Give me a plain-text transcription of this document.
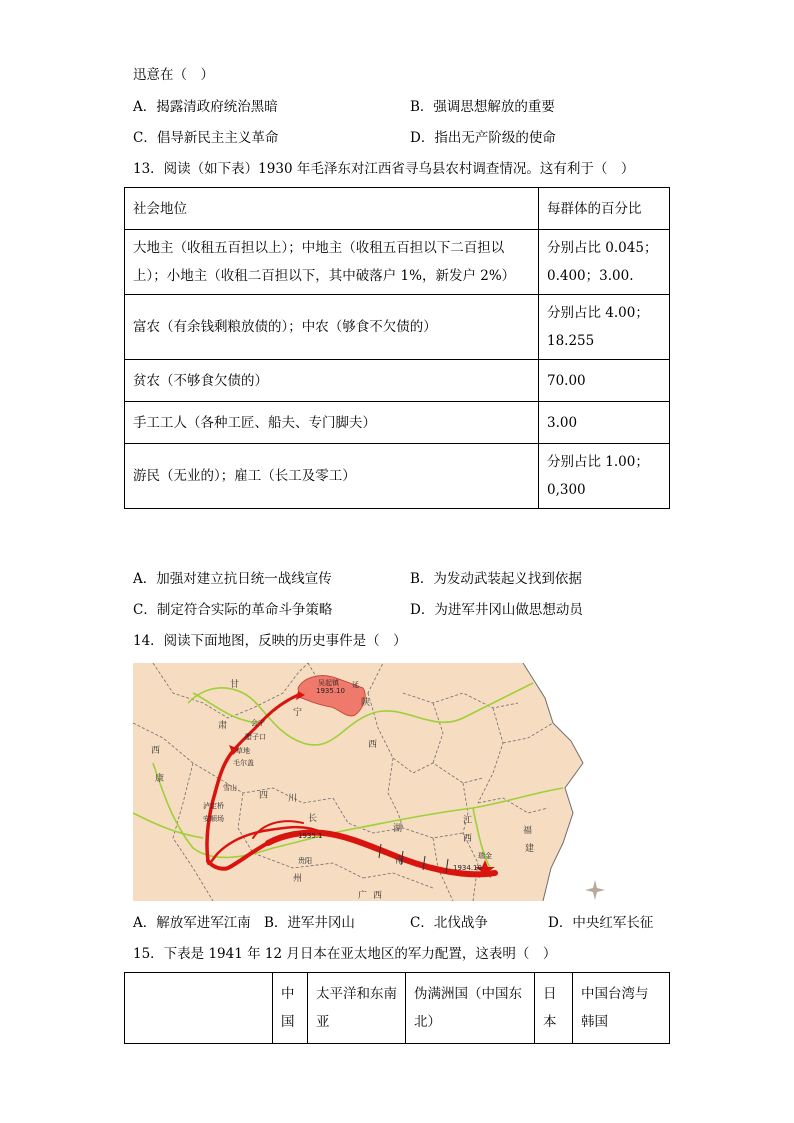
迅意在（　）
A．揭露清政府统治黑暗	B．强调思想解放的重要
C．倡导新民主主义革命	D．指出无产阶级的使命
13．阅读（如下表）1930 年毛泽东对江西省寻乌县农村调查情况。这有利于（　）
社会地位	每群体的百分比
大地主（收租五百担以上）；中地主（收租五百担以下二百担以上）；小地主（收租二百担以下，其中破落户 1%，新发户 2%）	分别占比 0.045；0.400；3.00.
富农（有余钱剩粮放债的）；中农（够食不欠债的）	分别占比 4.00；18.255
贫农（不够食欠债的）	70.00
手工工人（各种工匠、船夫、专门脚夫）	3.00
游民（无业的）；雇工（长工及零工）	分别占比 1.00；0,300
A．加强对建立抗日统一战线宣传	B．为发动武装起义找到依据
C．制定符合实际的革命斗争策略	D．为进军井冈山做思想动员
14．阅读下面地图，反映的历史事件是（　）
甘
肃
宁
陕
西
西
康
四 川
长
湖
南
江
西
福
建
州
广 西
吴起镇
1935.10
会宁
延
腊子口
草地
毛尔盖
雪山
泸定桥
安顺场
1935.1
贵阳
瑞金
1934.10
A．解放军进军江南 B．进军井冈山	C．北伐战争	D．中央红军长征
15．下表是 1941 年 12 月日本在亚太地区的军力配置，这表明（　）
	中国	太平洋和东南亚	伪满洲国（中国东北）	日本	中国台湾与韩国
